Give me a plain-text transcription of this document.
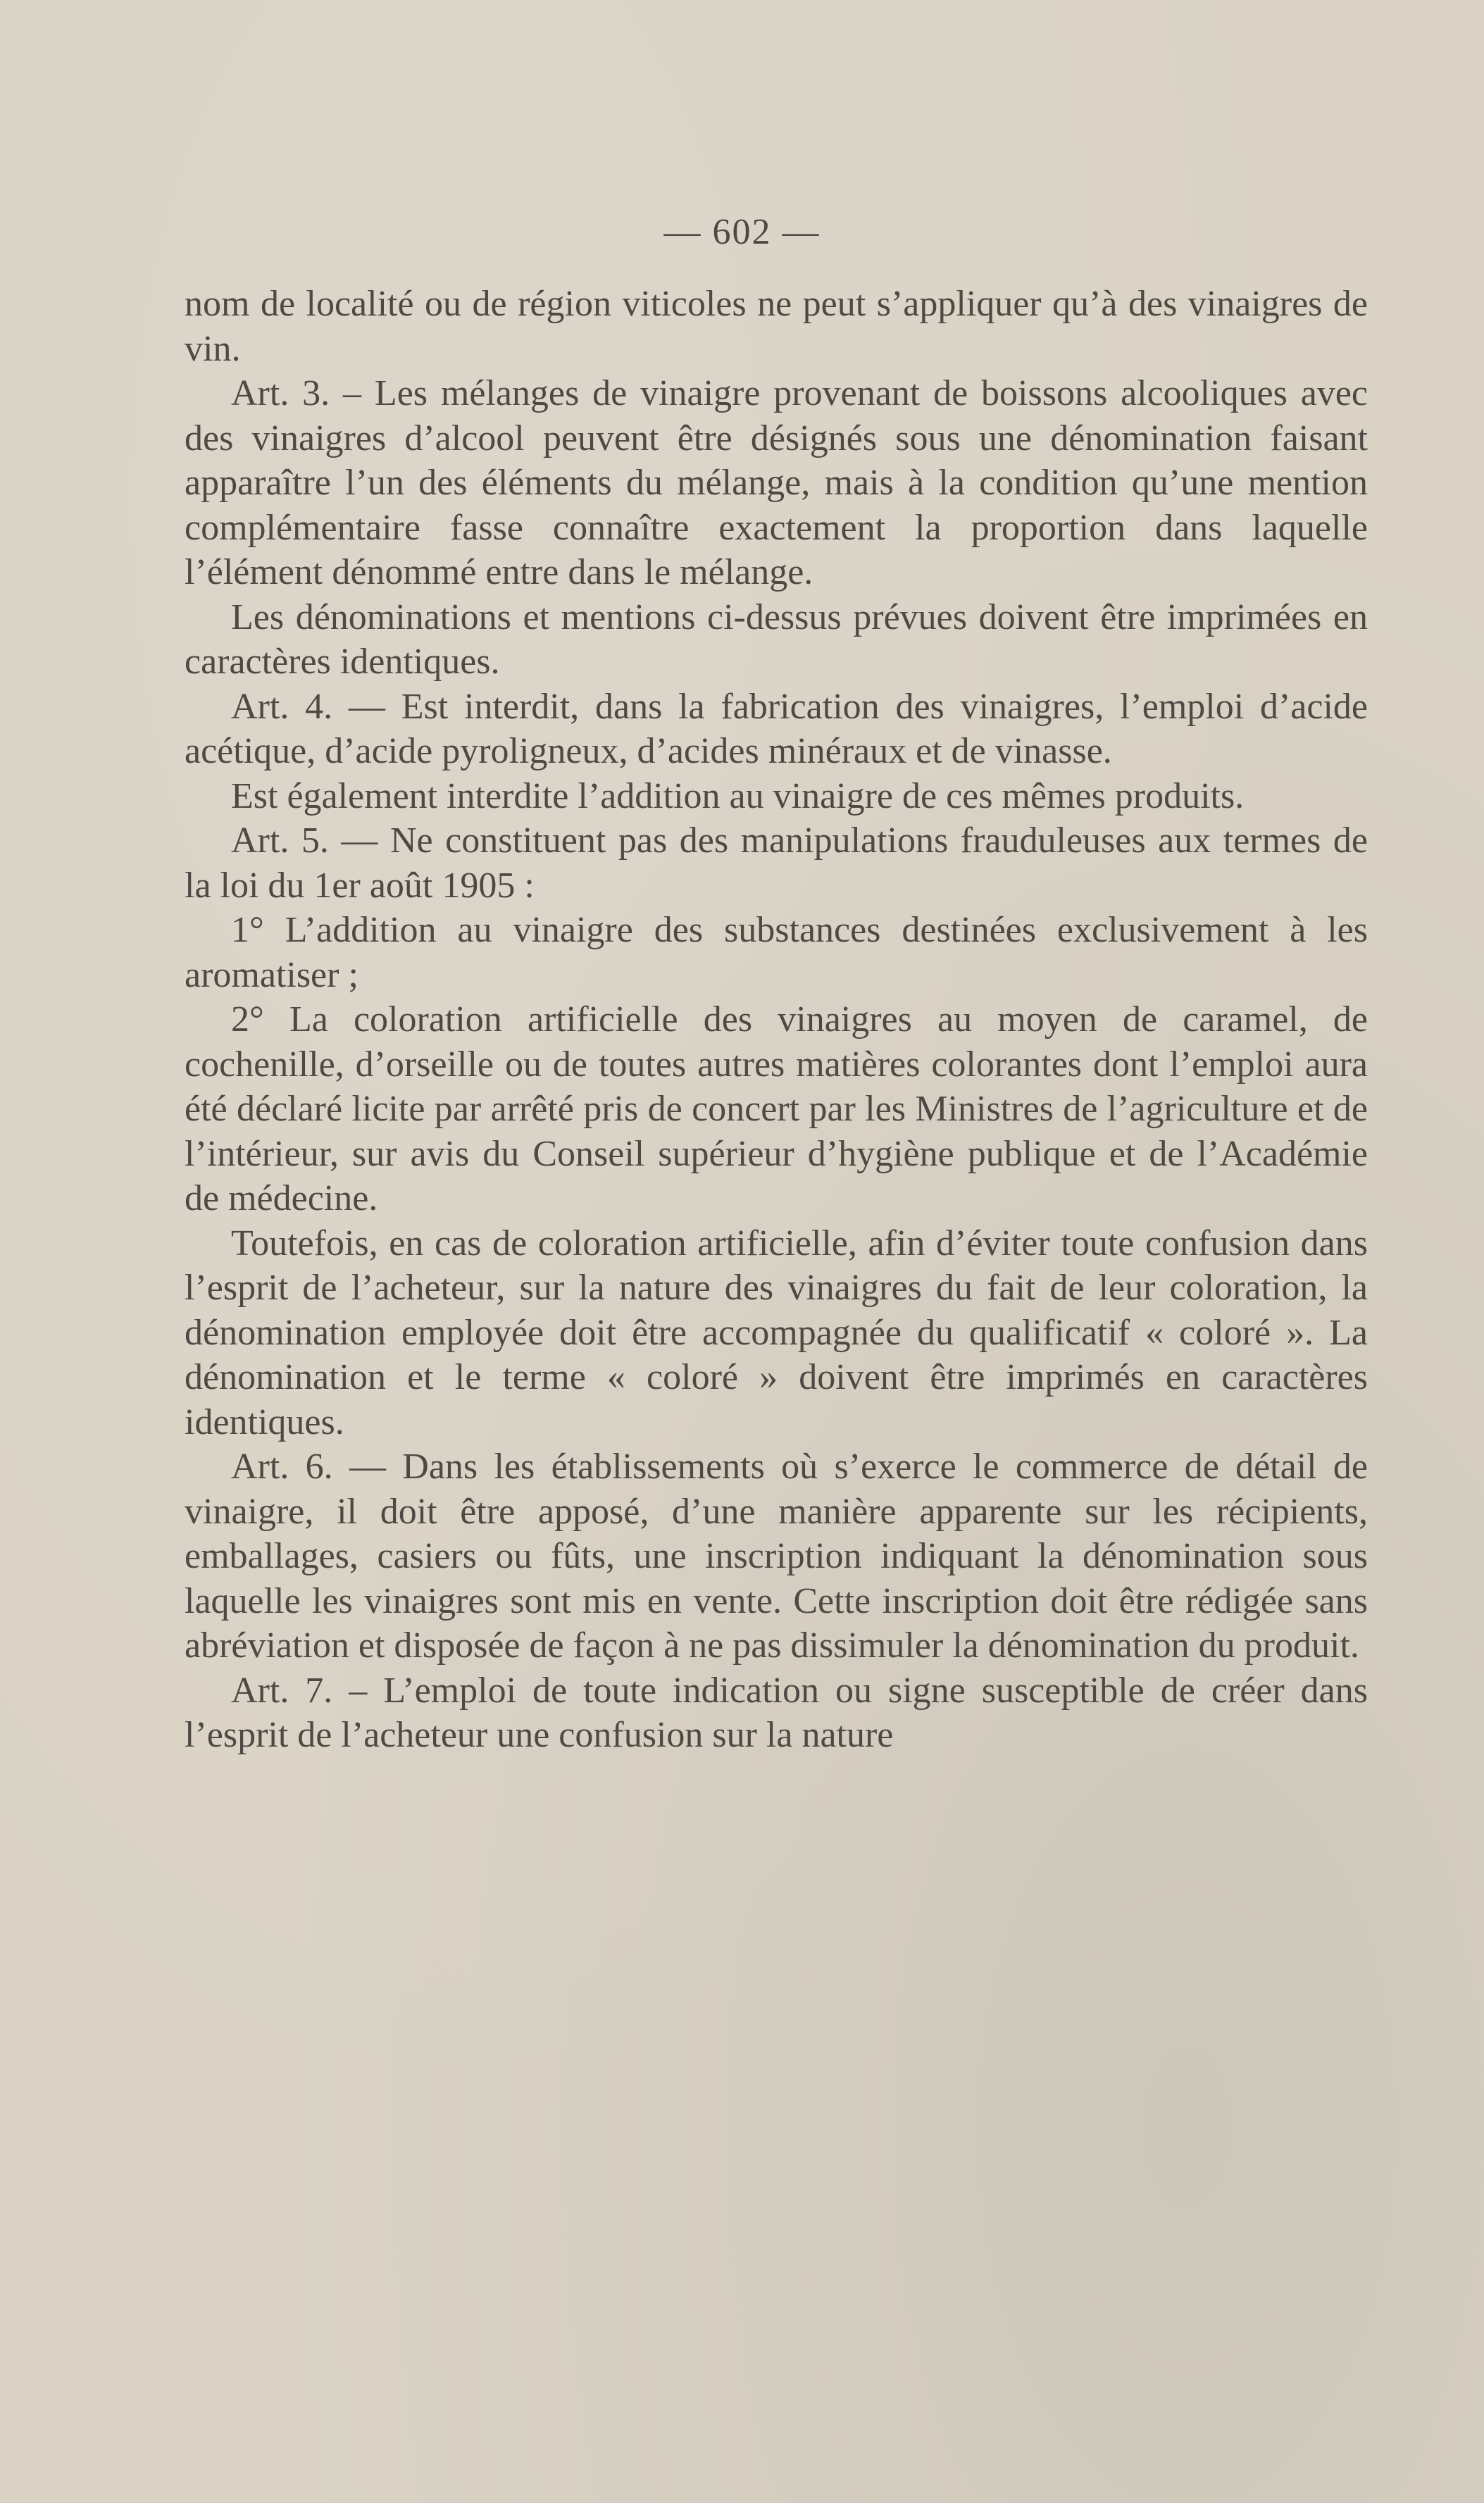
— 602 —

nom de localité ou de région viticoles ne peut s’appliquer qu’à des vinaigres de vin.

Art. 3. – Les mélanges de vinaigre provenant de boissons alcooliques avec des vinaigres d’alcool peuvent être désignés sous une dénomination faisant apparaître l’un des éléments du mélange, mais à la condition qu’une mention complémentaire fasse connaître exactement la proportion dans laquelle l’élément dénommé entre dans le mélange.

Les dénominations et mentions ci-dessus prévues doivent être imprimées en caractères identiques.

Art. 4. — Est interdit, dans la fabrication des vinaigres, l’emploi d’acide acétique, d’acide pyroligneux, d’acides minéraux et de vinasse.

Est également interdite l’addition au vinaigre de ces mêmes produits.

Art. 5. — Ne constituent pas des manipulations frauduleuses aux termes de la loi du 1er août 1905 :

1° L’addition au vinaigre des substances destinées exclusivement à les aromatiser ;

2° La coloration artificielle des vinaigres au moyen de caramel, de cochenille, d’orseille ou de toutes autres matières colorantes dont l’emploi aura été déclaré licite par arrêté pris de concert par les Ministres de l’agriculture et de l’intérieur, sur avis du Conseil supérieur d’hygiène publique et de l’Académie de médecine.

Toutefois, en cas de coloration artificielle, afin d’éviter toute confusion dans l’esprit de l’acheteur, sur la nature des vinaigres du fait de leur coloration, la dénomination employée doit être accompagnée du qualificatif « coloré ». La dénomination et le terme « coloré » doivent être imprimés en caractères identiques.

Art. 6. — Dans les établissements où s’exerce le commerce de détail de vinaigre, il doit être apposé, d’une manière apparente sur les récipients, emballages, casiers ou fûts, une inscription indiquant la dénomination sous laquelle les vinaigres sont mis en vente. Cette inscription doit être rédigée sans abréviation et disposée de façon à ne pas dissimuler la dénomination du produit.

Art. 7. – L’emploi de toute indication ou signe susceptible de créer dans l’esprit de l’acheteur une confusion sur la nature
